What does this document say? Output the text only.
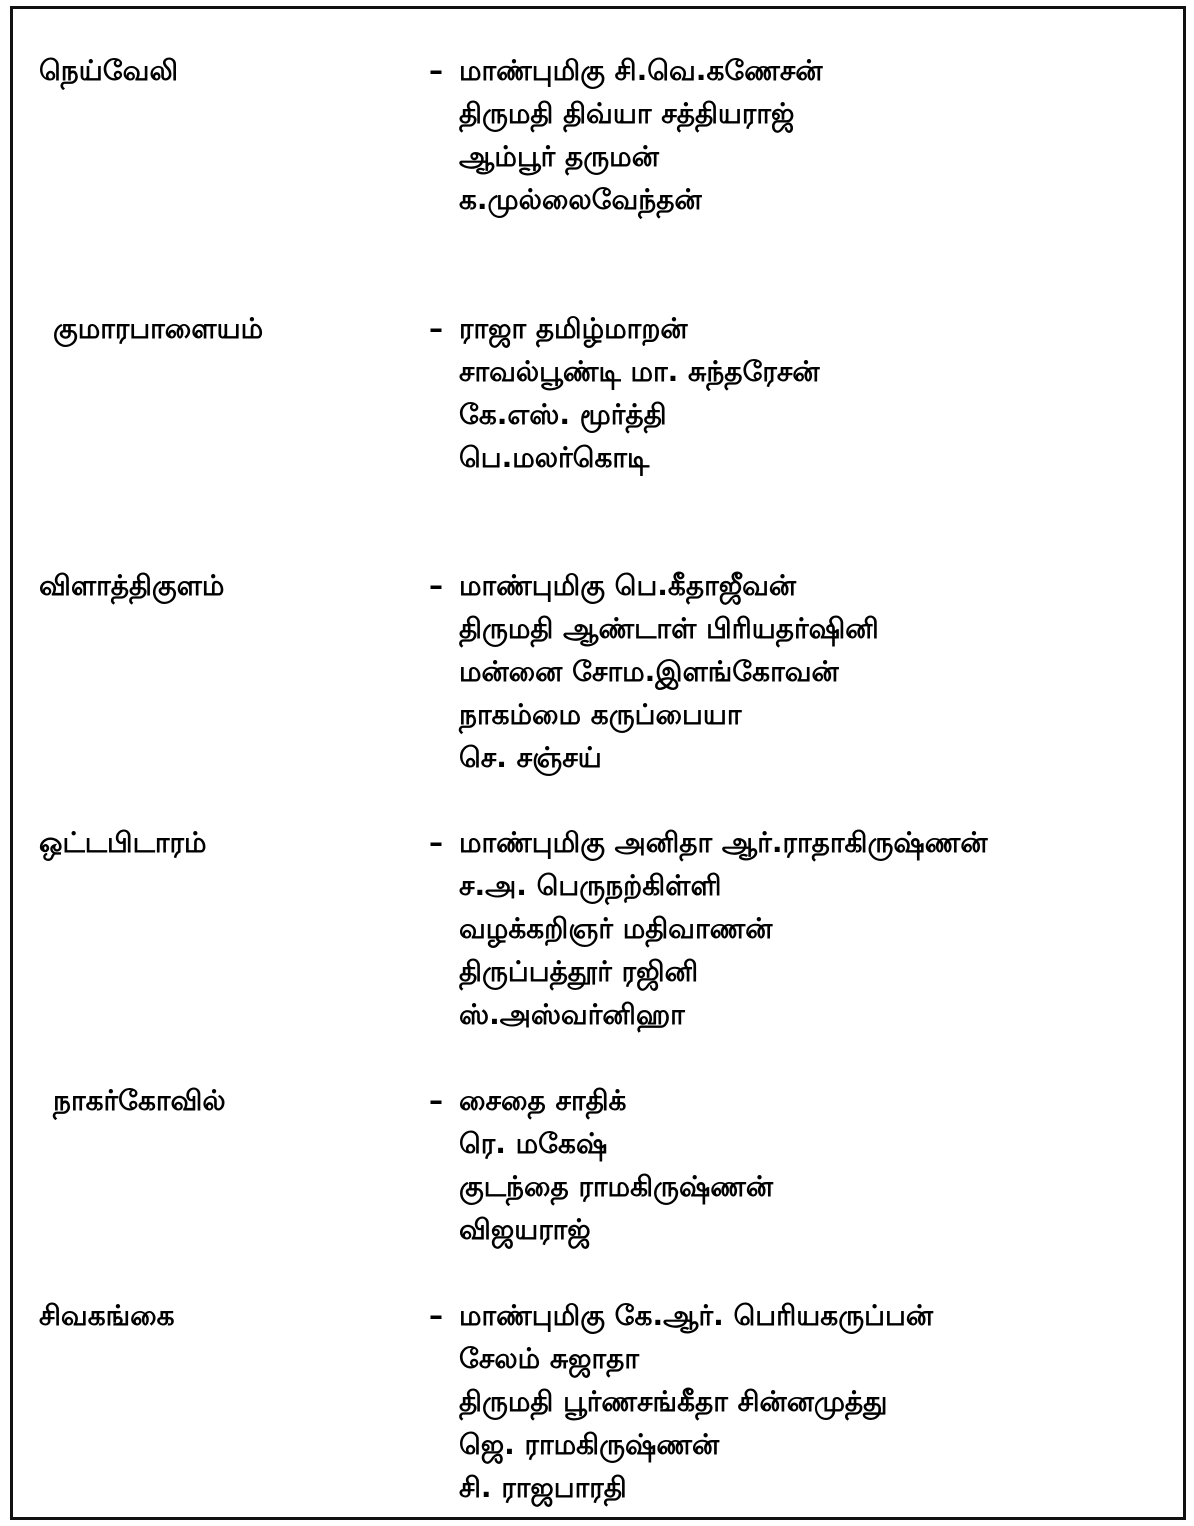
நெய்வேலி	– மாண்புமிகு சி.வெ.கணேசன்
திருமதி திவ்யா சத்தியராஜ்
ஆம்பூர் தருமன்
க.முல்லைவேந்தன்
குமாரபாளையம்	– ராஜா தமிழ்மாறன்
சாவல்பூண்டி மா. சுந்தரேசன்
கே.எஸ். மூர்த்தி
பெ.மலர்கொடி
விளாத்திகுளம்	– மாண்புமிகு பெ.கீதாஜீவன்
திருமதி ஆண்டாள் பிரியதர்ஷினி
மன்னை சோம.இளங்கோவன்
நாகம்மை கருப்பையா
செ. சஞ்சய்
ஒட்டபிடாரம்	– மாண்புமிகு அனிதா ஆர்.ராதாகிருஷ்ணன்
ச.அ. பெருநற்கிள்ளி
வழக்கறிஞர் மதிவாணன்
திருப்பத்தூர் ரஜினி
ஸ்.அஸ்வர்னிஹா
நாகர்கோவில்	– சைதை சாதிக்
ரெ. மகேஷ்
குடந்தை ராமகிருஷ்ணன்
விஜயராஜ்
சிவகங்கை	– மாண்புமிகு கே.ஆர். பெரியகருப்பன்
சேலம் சுஜாதா
திருமதி பூர்ணசங்கீதா சின்னமுத்து
ஜெ. ராமகிருஷ்ணன்
சி. ராஜபாரதி
